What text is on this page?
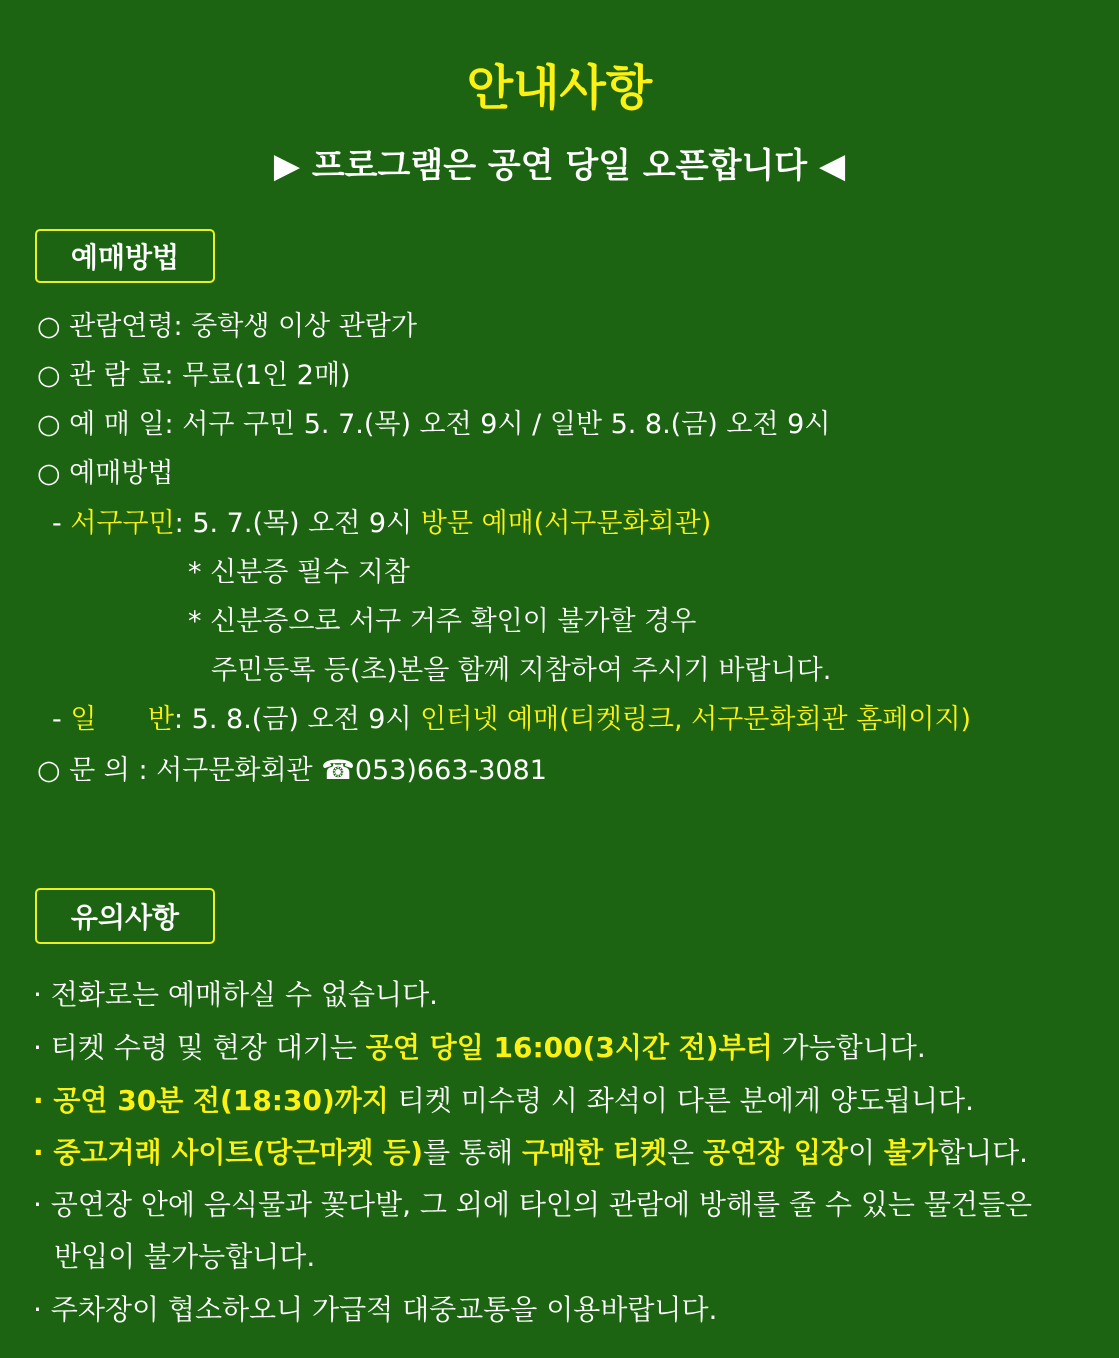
안내사항
▶ 프로그램은 공연 당일 오픈합니다 ◀
예매방법
○ 관람연령: 중학생 이상 관람가
○ 관 람 료: 무료(1인 2매)
○ 예 매 일: 서구 구민 5. 7.(목) 오전 9시 / 일반 5. 8.(금) 오전 9시
○ 예매방법
- 서구구민: 5. 7.(목) 오전 9시 방문 예매(서구문화회관)
* 신분증 필수 지참
* 신분증으로 서구 거주 확인이 불가할 경우
주민등록 등(초)본을 함께 지참하여 주시기 바랍니다.
- 일      반: 5. 8.(금) 오전 9시 인터넷 예매(티켓링크, 서구문화회관 홈페이지)
○ 문 의 : 서구문화회관 ☎053)663-3081
유의사항
· 전화로는 예매하실 수 없습니다.
· 티켓 수령 및 현장 대기는 공연 당일 16:00(3시간 전)부터 가능합니다.
· 공연 30분 전(18:30)까지 티켓 미수령 시 좌석이 다른 분에게 양도됩니다.
· 중고거래 사이트(당근마켓 등)를 통해 구매한 티켓은 공연장 입장이 불가합니다.
· 공연장 안에 음식물과 꽃다발, 그 외에 타인의 관람에 방해를 줄 수 있는 물건들은
반입이 불가능합니다.
· 주차장이 협소하오니 가급적 대중교통을 이용바랍니다.
